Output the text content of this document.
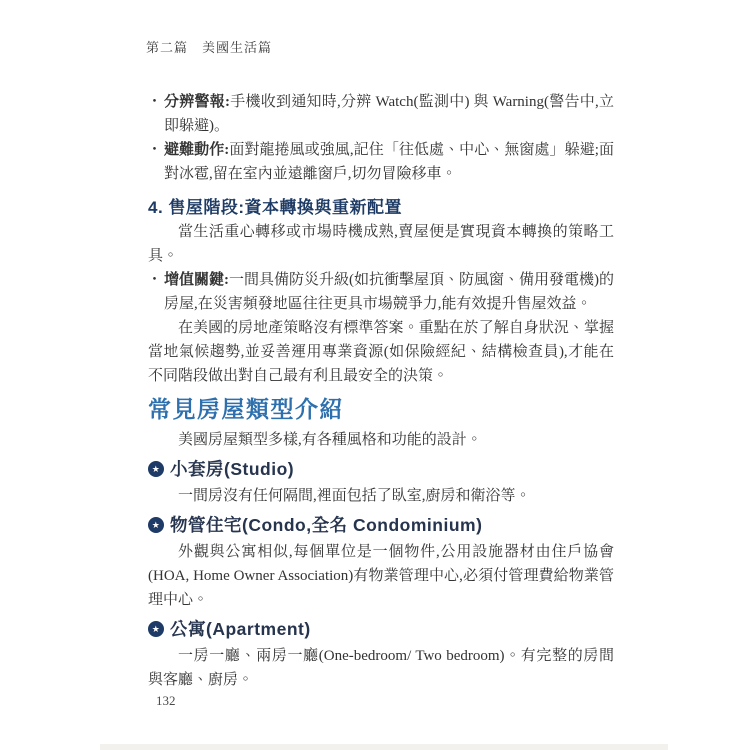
第二篇　美國生活篇
・ 分辨警報:手機收到通知時,分辨 Watch(監測中) 與 Warning(警告中,立即躲避)。

・ 避難動作:面對龍捲風或強風,記住「往低處、中心、無窗處」躲避;面對冰雹,留在室內並遠離窗戶,切勿冒險移車。

4. 售屋階段:資本轉換與重新配置

當生活重心轉移或市場時機成熟,賣屋便是實現資本轉換的策略工具。

・ 增值關鍵:一間具備防災升級(如抗衝擊屋頂、防風窗、備用發電機)的房屋,在災害頻發地區往往更具市場競爭力,能有效提升售屋效益。

在美國的房地產策略沒有標準答案。重點在於了解自身狀況、掌握當地氣候趨勢,並妥善運用專業資源(如保險經紀、結構檢查員),才能在不同階段做出對自己最有利且最安全的決策。

常見房屋類型介紹

美國房屋類型多樣,有各種風格和功能的設計。

★ 小套房(Studio)

一間房沒有任何隔間,裡面包括了臥室,廚房和衛浴等。

★ 物管住宅(Condo,全名 Condominium)

外觀與公寓相似,每個單位是一個物件,公用設施器材由住戶協會(HOA, Home Owner Association)有物業管理中心,必須付管理費給物業管理中心。

★ 公寓(Apartment)

一房一廳、兩房一廳(One-bedroom/ Two bedroom)。有完整的房間與客廳、廚房。

132
